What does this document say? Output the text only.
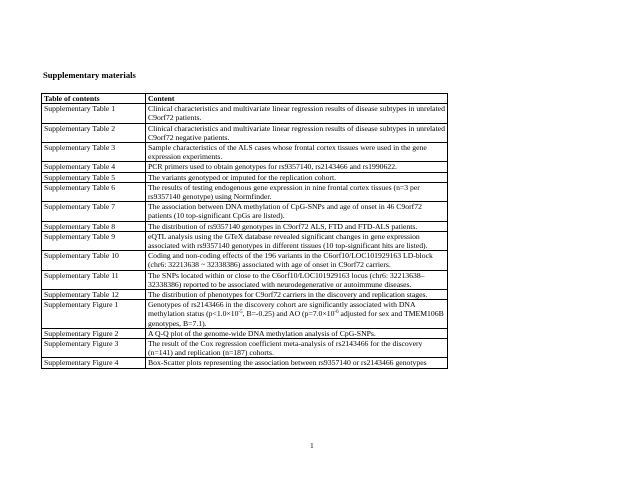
Supplementary materials
Table of contents	Content
Supplementary Table 1	Clinical characteristics and multivariate linear regression results of disease subtypes in unrelated C9orf72 patients.
Supplementary Table 2	Clinical characteristics and multivariate linear regression results of disease subtypes in unrelated C9orf72 negative patients.
Supplementary Table 3	Sample characteristics of the ALS cases whose frontal cortex tissues were used in the gene expression experiments.
Supplementary Table 4	PCR primers used to obtain genotypes for rs9357140, rs2143466 and rs1990622.
Supplementary Table 5	The variants genotyped or imputed for the replication cohort.
Supplementary Table 6	The results of testing endogenous gene expression in nine frontal cortex tissues (n=3 per rs9357140 genotype) using Normfinder.
Supplementary Table 7	The association between DNA methylation of CpG-SNPs and age of onset in 46 C9orf72 patients (10 top-significant CpGs are listed).
Supplementary Table 8	The distribution of rs9357140 genotypes in C9orf72 ALS, FTD and FTD-ALS patients.
Supplementary Table 9	eQTL analysis using the GTeX database revealed significant changes in gene expression associated with rs9357140 genotypes in different tissues (10 top-significant hits are listed).
Supplementary Table 10	Coding and non-coding effects of the 196 variants in the C6orf10/LOC101929163 LD-block (chr6: 32213638 ~ 32338386) associated with age of onset in C9orf72 carriers.
Supplementary Table 11	The SNPs located within or close to the C6orf10/LOC101929163 locus (chr6: 32213638–32338386) reported to be associated with neurodegenerative or autoimmune diseases.
Supplementary Table 12	The distribution of phenotypes for C9orf72 carriers in the discovery and replication stages.
Supplementary Figure 1	Genotypes of rs2143466 in the discovery cohort are significantly associated with DNA methylation status ($p<1.0\times 10^{-5}$, B=-0.25) and AO ($p=7.0\times 10^{-6}$ adjusted for sex and TMEM106B genotypes, B=7.1).
Supplementary Figure 2	A Q-Q plot of the genome-wide DNA methylation analysis of CpG-SNPs.
Supplementary Figure 3	The result of the Cox regression coefficient meta-analysis of rs2143466 for the discovery (n=141) and replication (n=187) cohorts.
Supplementary Figure 4	Box-Scatter plots representing the association between rs9357140 or rs2143466 genotypes
1
